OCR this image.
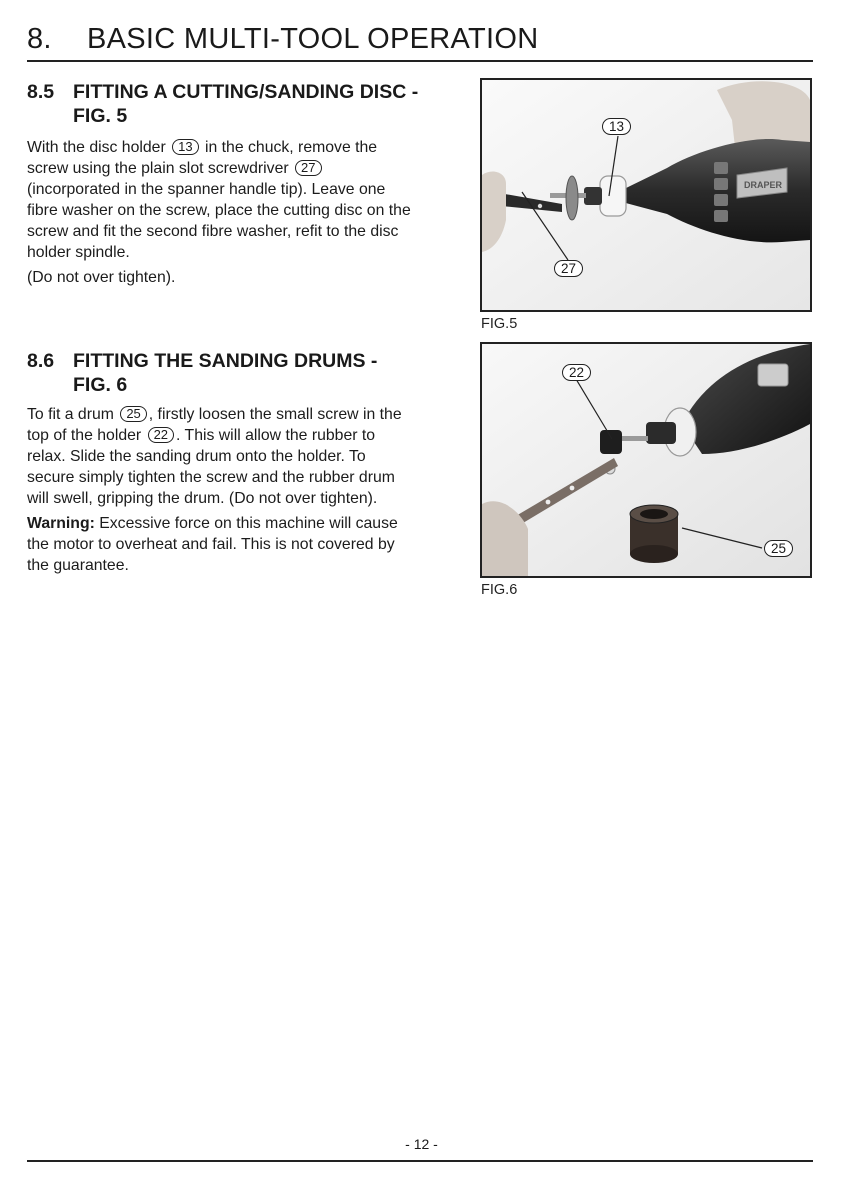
8. BASIC MULTI-TOOL OPERATION
8.5 FITTING A CUTTING/SANDING DISC -
FIG. 5
With the disc holder 13 in the chuck, remove the
screw using the plain slot screwdriver 27
(incorporated in the spanner handle tip). Leave one
fibre washer on the screw, place the cutting disc on the
screw and fit the second fibre washer, refit to the disc
holder spindle.
(Do not over tighten).
DRAPER
13
27
FIG.5
8.6 FITTING THE SANDING DRUMS -
FIG. 6
To fit a drum 25 , firstly loosen the small screw in the
top of the holder 22 . This will allow the rubber to
relax. Slide the sanding drum onto the holder. To
secure simply tighten the screw and the rubber drum
will swell, gripping the drum. (Do not over tighten).
Warning: Excessive force on this machine will cause
the motor to overheat and fail. This is not covered by
the guarantee.
22
25
FIG.6
- 12 -
